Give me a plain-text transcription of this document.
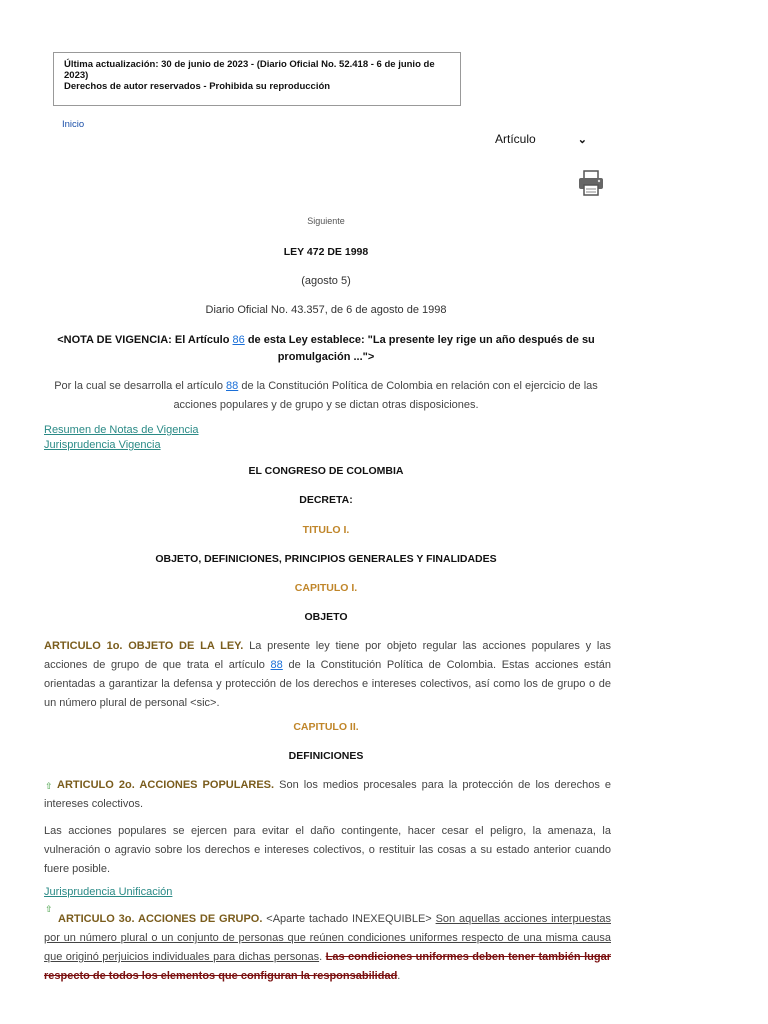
Última actualización: 30 de junio de 2023 - (Diario Oficial No. 52.418 - 6 de junio de 2023)
Derechos de autor reservados - Prohibida su reproducción
Inicio
Artículo	⌄
Siguiente
LEY 472 DE 1998
(agosto 5)
Diario Oficial No. 43.357, de 6 de agosto de 1998
<NOTA DE VIGENCIA: El Artículo 86 de esta Ley establece: "La presente ley rige un año después de su promulgación ...">
Por la cual se desarrolla el artículo 88 de la Constitución Política de Colombia en relación con el ejercicio de las acciones populares y de grupo y se dictan otras disposiciones.
Resumen de Notas de Vigencia
Jurisprudencia Vigencia
EL CONGRESO DE COLOMBIA
DECRETA:
TITULO I.
OBJETO, DEFINICIONES, PRINCIPIOS GENERALES Y FINALIDADES
CAPITULO I.
OBJETO
ARTICULO 1o. OBJETO DE LA LEY. La presente ley tiene por objeto regular las acciones populares y las acciones de grupo de que trata el artículo 88 de la Constitución Política de Colombia. Estas acciones están orientadas a garantizar la defensa y protección de los derechos e intereses colectivos, así como los de grupo o de un número plural de personal <sic>.
CAPITULO II.
DEFINICIONES
ARTICULO 2o. ACCIONES POPULARES. Son los medios procesales para la protección de los derechos e intereses colectivos.
⇧
Las acciones populares se ejercen para evitar el daño contingente, hacer cesar el peligro, la amenaza, la vulneración o agravio sobre los derechos e intereses colectivos, o restituir las cosas a su estado anterior cuando fuere posible.
Jurisprudencia Unificación
⇧
ARTICULO 3o. ACCIONES DE GRUPO. <Aparte tachado INEXEQUIBLE> Son aquellas acciones interpuestas por un número plural o un conjunto de personas que reúnen condiciones uniformes respecto de una misma causa que originó perjuicios individuales para dichas personas. Las condiciones uniformes deben tener también lugar respecto de todos los elementos que configuran la responsabilidad.
